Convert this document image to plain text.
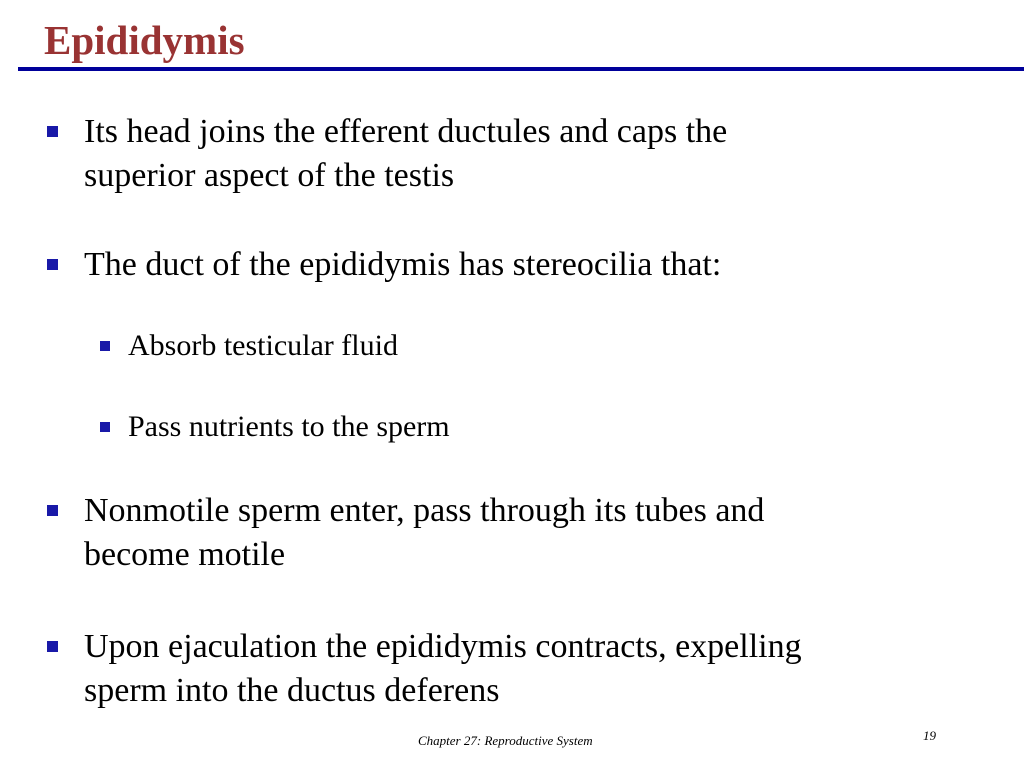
Epididymis
Its head joins the efferent ductules and caps the
superior aspect of the testis
The duct of the epididymis has stereocilia that:
Absorb testicular fluid
Pass nutrients to the sperm
Nonmotile sperm enter, pass through its tubes and
become motile
Upon ejaculation the epididymis contracts, expelling
sperm into the ductus deferens
Chapter 27: Reproductive System	19
